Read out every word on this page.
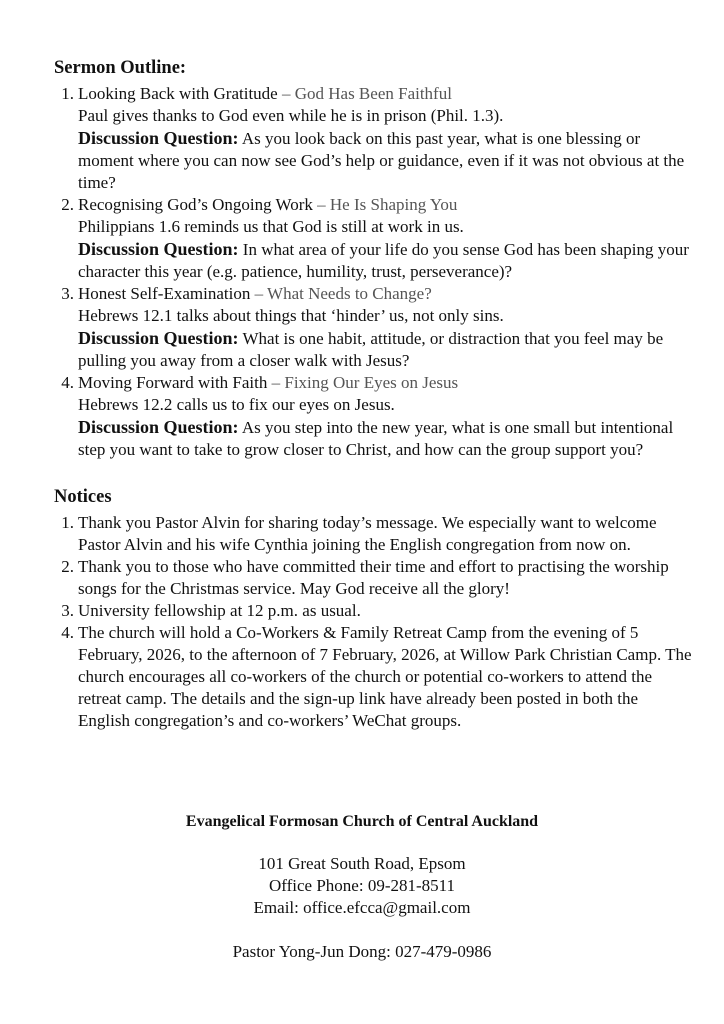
Sermon Outline:
1. Looking Back with Gratitude – God Has Been Faithful
Paul gives thanks to God even while he is in prison (Phil. 1.3).
Discussion Question: As you look back on this past year, what is one blessing or moment where you can now see God’s help or guidance, even if it was not obvious at the time?
2. Recognising God’s Ongoing Work – He Is Shaping You
Philippians 1.6 reminds us that God is still at work in us.
Discussion Question: In what area of your life do you sense God has been shaping your character this year (e.g. patience, humility, trust, perseverance)?
3. Honest Self-Examination – What Needs to Change?
Hebrews 12.1 talks about things that ‘hinder’ us, not only sins.
Discussion Question: What is one habit, attitude, or distraction that you feel may be pulling you away from a closer walk with Jesus?
4. Moving Forward with Faith – Fixing Our Eyes on Jesus
Hebrews 12.2 calls us to fix our eyes on Jesus.
Discussion Question: As you step into the new year, what is one small but intentional step you want to take to grow closer to Christ, and how can the group support you?
Notices
1. Thank you Pastor Alvin for sharing today’s message. We especially want to welcome Pastor Alvin and his wife Cynthia joining the English congregation from now on.
2. Thank you to those who have committed their time and effort to practising the worship songs for the Christmas service. May God receive all the glory!
3. University fellowship at 12 p.m. as usual.
4. The church will hold a Co-Workers & Family Retreat Camp from the evening of 5 February, 2026, to the afternoon of 7 February, 2026, at Willow Park Christian Camp. The church encourages all co-workers of the church or potential co-workers to attend the retreat camp. The details and the sign-up link have already been posted in both the English congregation’s and co-workers’ WeChat groups.
Evangelical Formosan Church of Central Auckland
101 Great South Road, Epsom
Office Phone: 09-281-8511
Email: office.efcca@gmail.com
Pastor Yong-Jun Dong: 027-479-0986
